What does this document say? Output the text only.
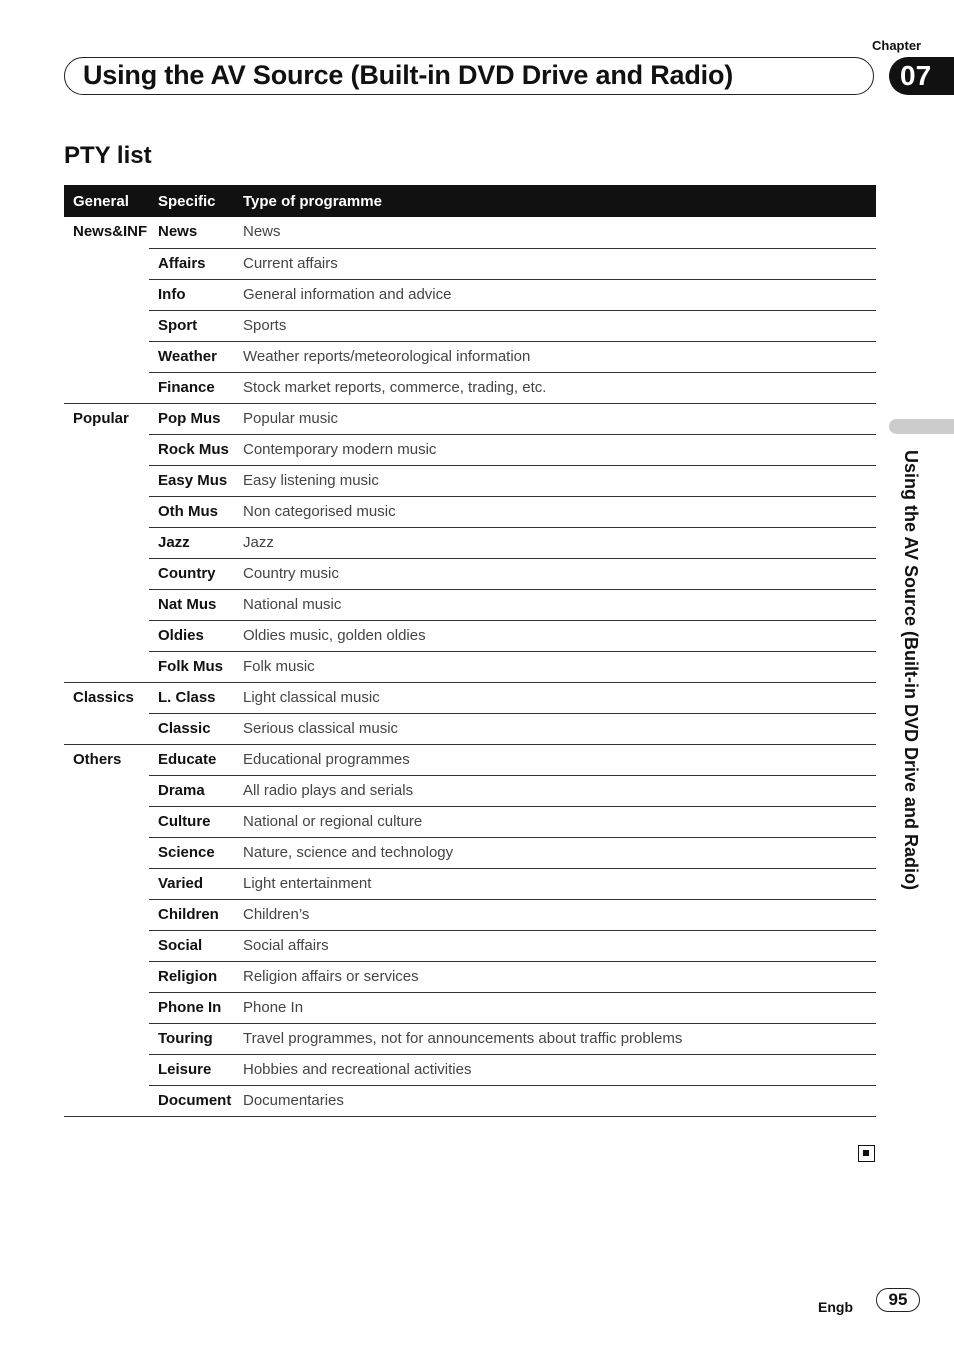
Chapter
Using the AV Source (Built-in DVD Drive and Radio)	07
PTY list
General	Specific	Type of programme
News&INF	News	News
	Affairs	Current affairs
	Info	General information and advice
	Sport	Sports
	Weather	Weather reports/meteorological information
	Finance	Stock market reports, commerce, trading, etc.
Popular	Pop Mus	Popular music
	Rock Mus	Contemporary modern music
	Easy Mus	Easy listening music
	Oth Mus	Non categorised music
	Jazz	Jazz
	Country	Country music
	Nat Mus	National music
	Oldies	Oldies music, golden oldies
	Folk Mus	Folk music
Classics	L. Class	Light classical music
	Classic	Serious classical music
Others	Educate	Educational programmes
	Drama	All radio plays and serials
	Culture	National or regional culture
	Science	Nature, science and technology
	Varied	Light entertainment
	Children	Children’s
	Social	Social affairs
	Religion	Religion affairs or services
	Phone In	Phone In
	Touring	Travel programmes, not for announcements about traffic problems
	Leisure	Hobbies and recreational activities
	Document	Documentaries
Using the AV Source (Built-in DVD Drive and Radio)
Engb	95
